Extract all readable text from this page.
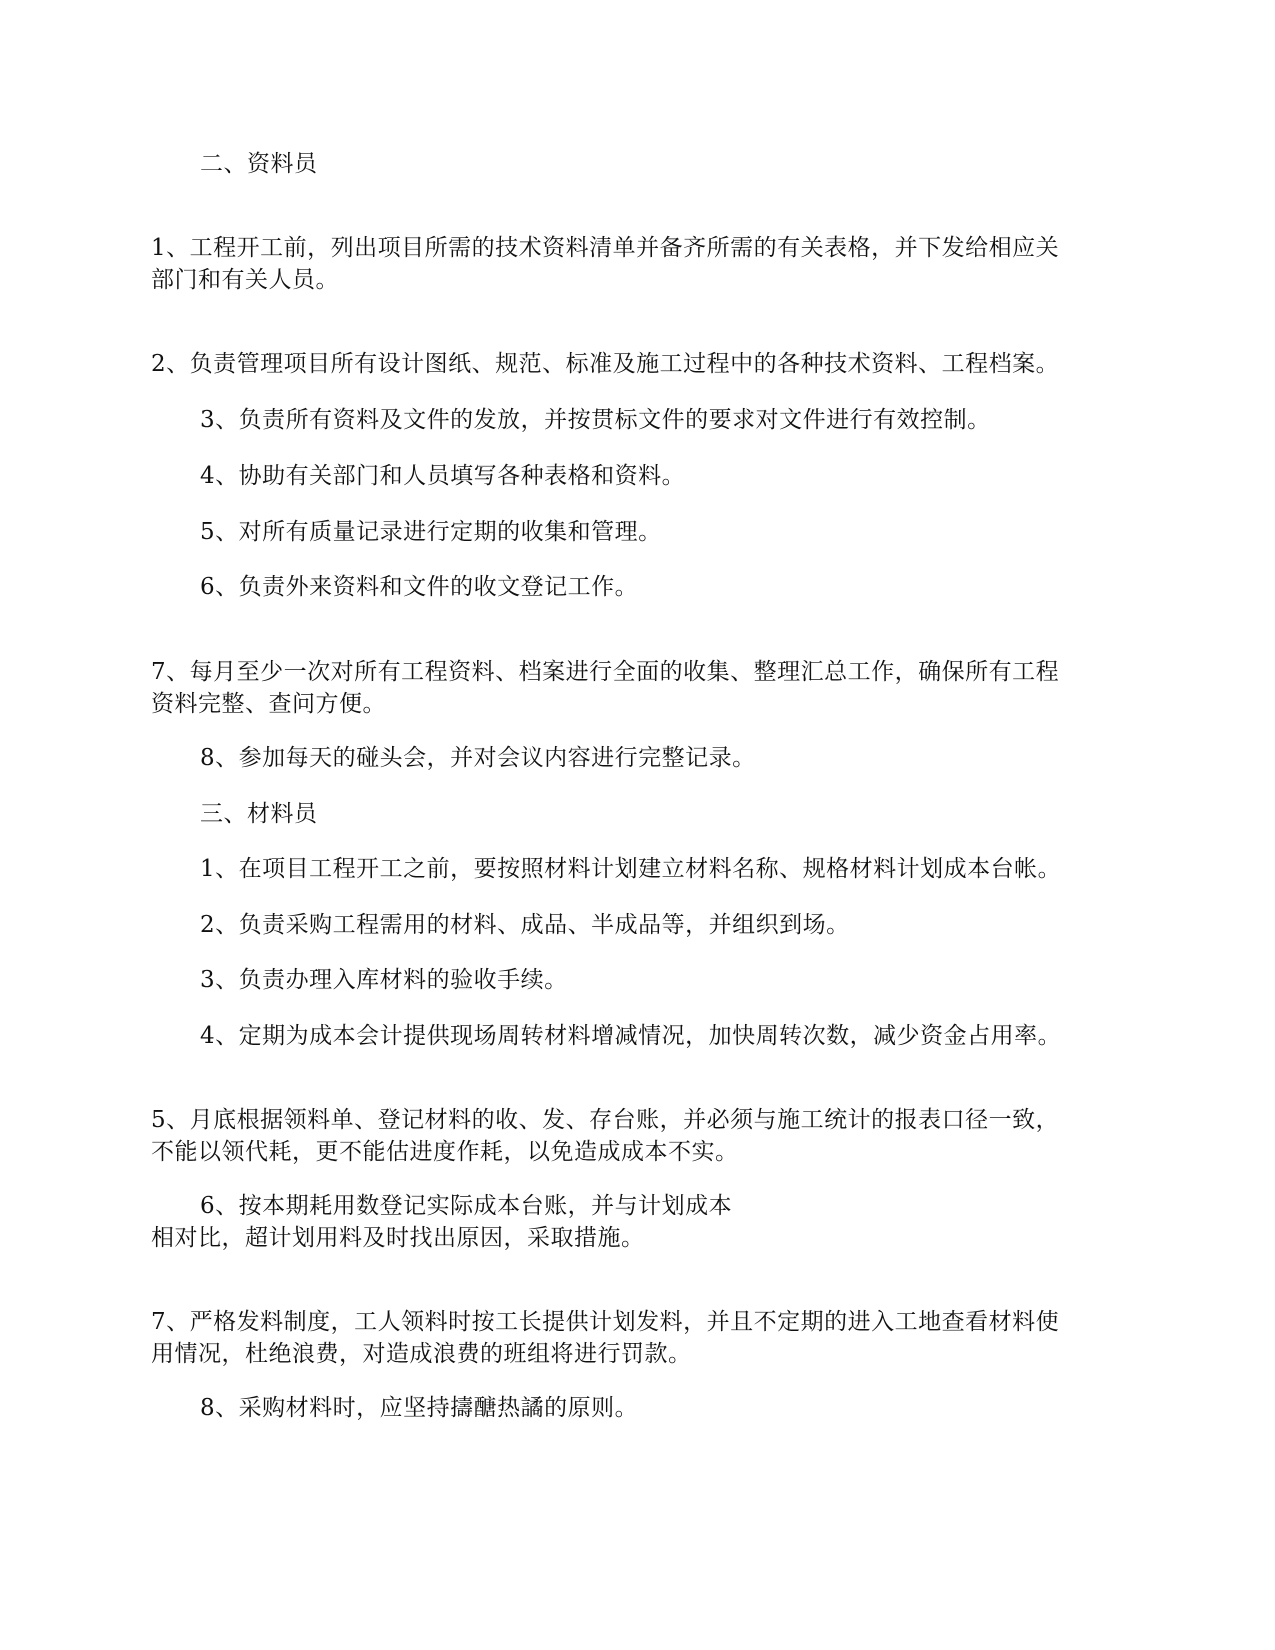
二、资料员
1、工程开工前，列出项目所需的技术资料清单并备齐所需的有关表格，并下发给相应关
部门和有关人员。
2、负责管理项目所有设计图纸、规范、标准及施工过程中的各种技术资料、工程档案。
3、负责所有资料及文件的发放，并按贯标文件的要求对文件进行有效控制。
4、协助有关部门和人员填写各种表格和资料。
5、对所有质量记录进行定期的收集和管理。
6、负责外来资料和文件的收文登记工作。
7、每月至少一次对所有工程资料、档案进行全面的收集、整理汇总工作，确保所有工程
资料完整、查问方便。
8、参加每天的碰头会，并对会议内容进行完整记录。
三、材料员
1、在项目工程开工之前，要按照材料计划建立材料名称、规格材料计划成本台帐。
2、负责采购工程需用的材料、成品、半成品等，并组织到场。
3、负责办理入库材料的验收手续。
4、定期为成本会计提供现场周转材料增减情况，加快周转次数，减少资金占用率。
5、月底根据领料单、登记材料的收、发、存台账，并必须与施工统计的报表口径一致，
不能以领代耗，更不能估进度作耗，以免造成成本不实。
6、按本期耗用数登记实际成本台账，并与计划成本
相对比，超计划用料及时找出原因，采取措施。
7、严格发料制度，工人领料时按工长提供计划发料，并且不定期的进入工地查看材料使
用情况，杜绝浪费，对造成浪费的班组将进行罚款。
8、采购材料时，应坚持擣醣热譎的原则。
